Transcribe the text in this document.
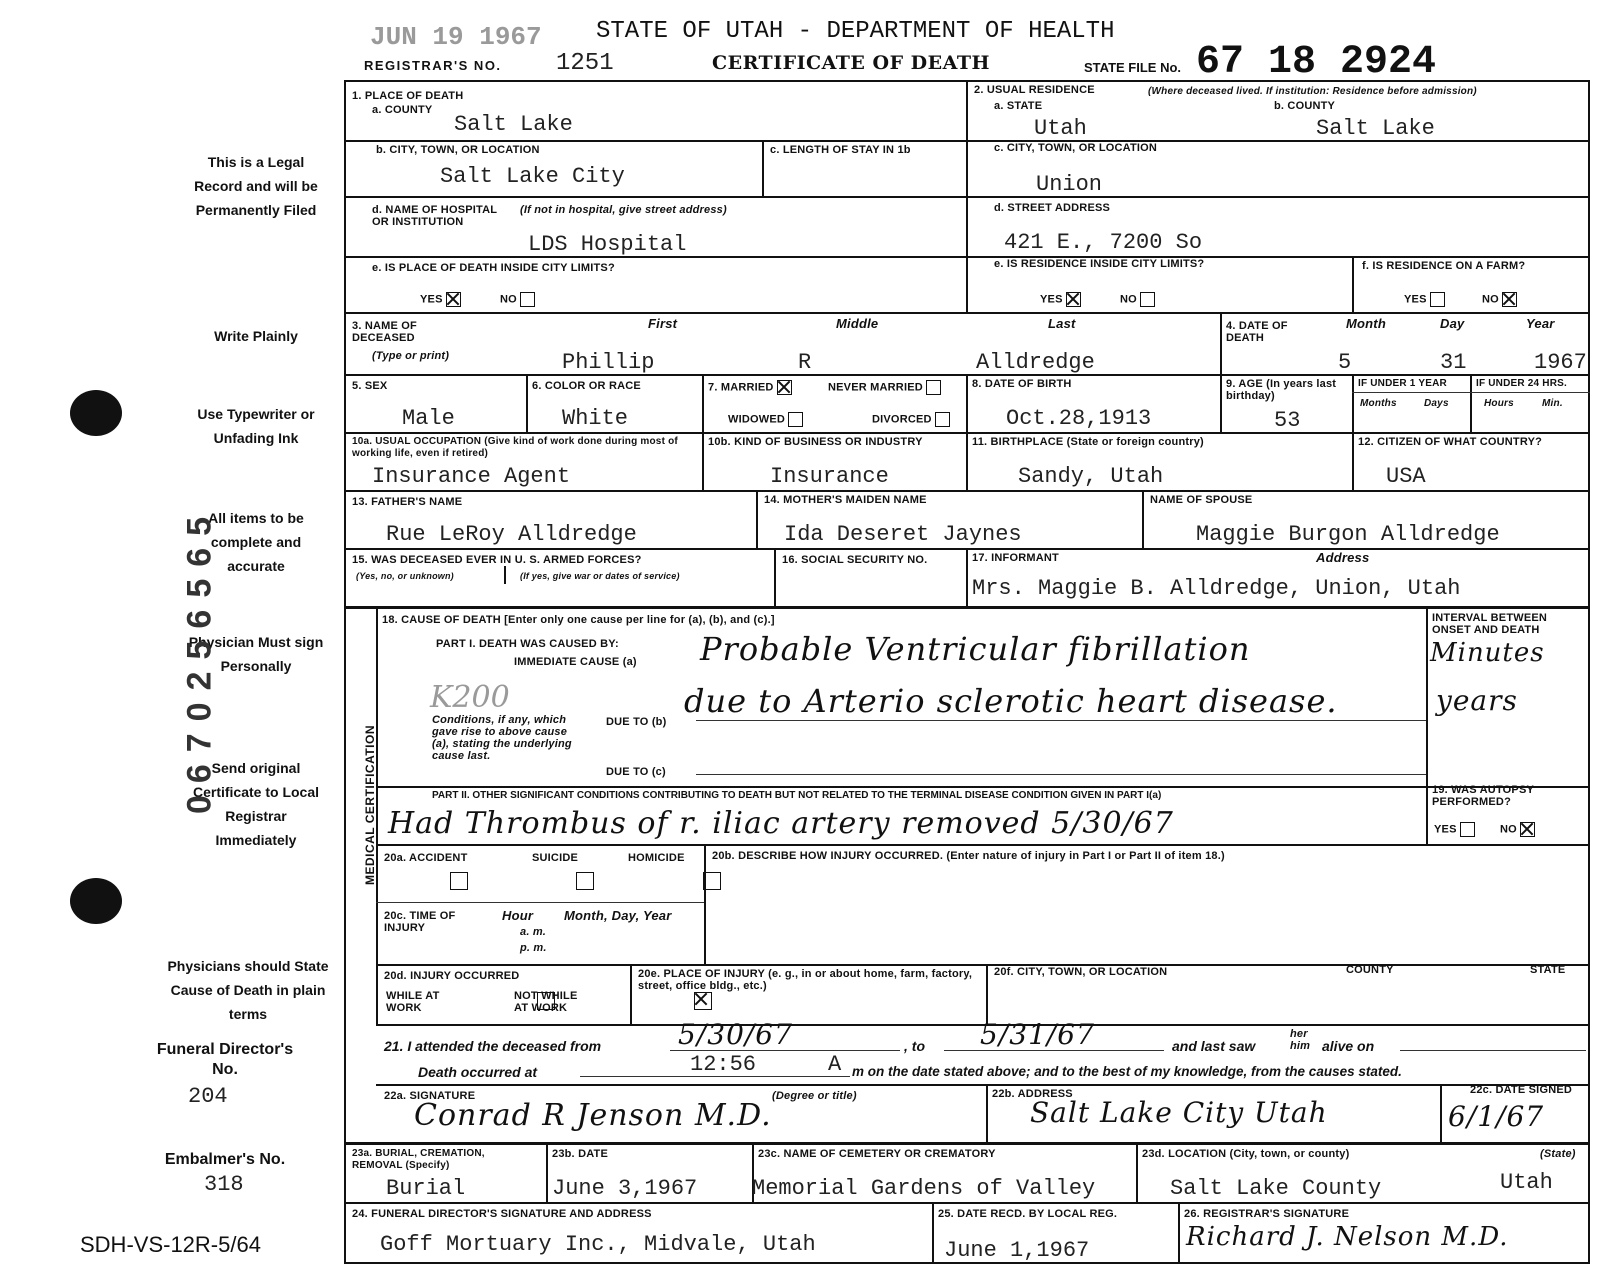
JUN 19 1967 STATE OF UTAH - DEPARTMENT OF HEALTH
REGISTRAR'S NO. 1251	CERTIFICATE OF DEATH	STATE FILE No. 67 18 2924
This is a Legal Record and will be Permanently Filed
Write Plainly
Use Typewriter or Unfading Ink
All items to be complete and accurate
Physician Must sign Personally
Send original Certificate to Local Registrar Immediately
Physicians should State Cause of Death in plain terms
Funeral Director's No.
204
Embalmer's No.
318
SDH-VS-12R-5/64
0670256565
1. PLACE OF DEATH
a. COUNTY
Salt Lake
b. CITY, TOWN, OR LOCATION
Salt Lake City
c. LENGTH OF STAY IN 1b
d. NAME OF HOSPITAL OR INSTITUTION
(If not in hospital, give street address)
LDS Hospital
e. IS PLACE OF DEATH INSIDE CITY LIMITS?
YES	NO
2. USUAL RESIDENCE	(Where deceased lived. If institution: Residence before admission)
a. STATE
Utah
b. COUNTY
Salt Lake
c. CITY, TOWN, OR LOCATION
Union
d. STREET ADDRESS
421 E., 7200 So
e. IS RESIDENCE INSIDE CITY LIMITS?
YES	NO
f. IS RESIDENCE ON A FARM?
YES	NO
3. NAME OF DECEASED
(Type or print)
First	Middle	Last
Phillip	R	Alldredge
4. DATE OF DEATH
Month	Day	Year
5	31	1967
5. SEX
Male
6. COLOR OR RACE
White
7. MARRIED	NEVER MARRIED
WIDOWED	DIVORCED
8. DATE OF BIRTH
Oct.28,1913
9. AGE (In years last birthday)
53
IF UNDER 1 YEAR	IF UNDER 24 HRS.
Months	Days	Hours	Min.
10a. USUAL OCCUPATION (Give kind of work done during most of working life, even if retired)
Insurance Agent
10b. KIND OF BUSINESS OR INDUSTRY
Insurance
11. BIRTHPLACE (State or foreign country)
Sandy, Utah
12. CITIZEN OF WHAT COUNTRY?
USA
13. FATHER'S NAME
Rue LeRoy Alldredge
14. MOTHER'S MAIDEN NAME
Ida Deseret Jaynes
NAME OF SPOUSE
Maggie Burgon Alldredge
15. WAS DECEASED EVER IN U. S. ARMED FORCES?
(Yes, no, or unknown)	(If yes, give war or dates of service)
16. SOCIAL SECURITY NO.	17. INFORMANT	Address
Mrs. Maggie B. Alldredge, Union, Utah
MEDICAL CERTIFICATION
18. CAUSE OF DEATH [Enter only one cause per line for (a), (b), and (c).]
PART I. DEATH WAS CAUSED BY:
IMMEDIATE CAUSE (a) Probable Ventricular fibrillation
K200
Conditions, if any, which gave rise to above cause (a), stating the underlying cause last.
DUE TO (b)
due to Arterio sclerotic heart disease.
DUE TO (c)
INTERVAL BETWEEN ONSET AND DEATH
Minutes
years
PART II. OTHER SIGNIFICANT CONDITIONS CONTRIBUTING TO DEATH BUT NOT RELATED TO THE TERMINAL DISEASE CONDITION GIVEN IN PART I(a)
Had Thrombus of r. iliac artery removed 5/30/67
19. WAS AUTOPSY PERFORMED?
YES	NO
20a. ACCIDENT
	SUICIDE
	HOMICIDE
20b. DESCRIBE HOW INJURY OCCURRED. (Enter nature of injury in Part I or Part II of item 18.)
20c. TIME OF INJURY
Hour
a. m.
p. m.
Month, Day, Year
20d. INJURY OCCURRED
WHILE AT WORK

NOT WHILE AT WORK
20e. PLACE OF INJURY (e. g., in or about home, farm, factory, street, office bldg., etc.)
20f. CITY, TOWN, OR LOCATION	COUNTY	STATE
21. I attended the deceased from	5/30/67	, to 5/31/67	and last saw
her him alive on
Death occurred at	12:56	A m on the date stated above; and to the best of my knowledge, from the causes stated.
22a. SIGNATURE	(Degree or title)
Conrad R Jenson M.D.
22b. ADDRESS
Salt Lake City Utah
22c. DATE SIGNED
6/1/67
23a. BURIAL, CREMATION, REMOVAL (Specify)
Burial
23b. DATE
June 3,1967
23c. NAME OF CEMETERY OR CREMATORY
Memorial Gardens of Valley
23d. LOCATION (City, town, or county)	(State)
Salt Lake County	Utah
24. FUNERAL DIRECTOR'S SIGNATURE AND ADDRESS
Goff Mortuary Inc., Midvale, Utah
25. DATE RECD. BY LOCAL REG.
June 1,1967
26. REGISTRAR'S SIGNATURE
Richard J. Nelson M.D.
